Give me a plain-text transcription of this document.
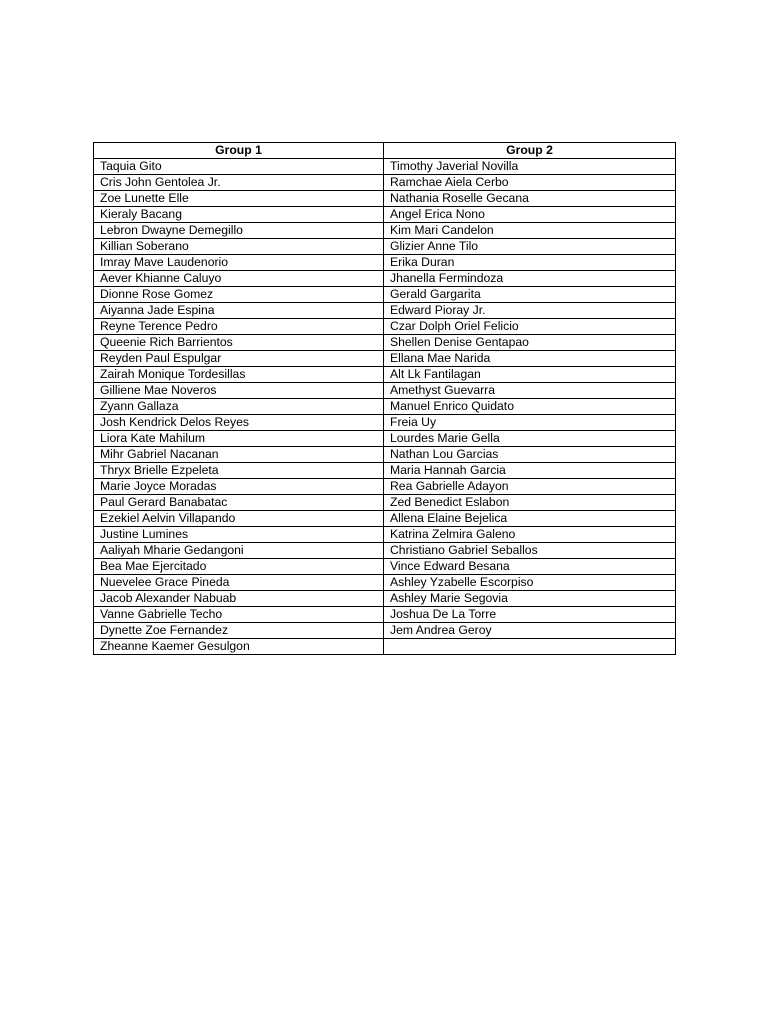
Group 1	Group 2
Taquia Gito	Timothy Javerial Novilla
Cris John Gentolea Jr.	Ramchae Aiela Cerbo
Zoe Lunette Elle	Nathania Roselle Gecana
Kieraly Bacang	Angel Erica Nono
Lebron Dwayne Demegillo	Kim Mari Candelon
Killian Soberano	Glizier Anne Tilo
Imray Mave Laudenorio	Erika Duran
Aever Khianne Caluyo	Jhanella Fermindoza
Dionne Rose Gomez	Gerald Gargarita
Aiyanna Jade Espina	Edward Pioray Jr.
Reyne Terence Pedro	Czar Dolph Oriel Felicio
Queenie Rich Barrientos	Shellen Denise Gentapao
Reyden Paul Espulgar	Ellana Mae Narida
Zairah Monique Tordesillas	Alt Lk Fantilagan
Gilliene Mae Noveros	Amethyst Guevarra
Zyann Gallaza	Manuel Enrico Quidato
Josh Kendrick Delos Reyes	Freia Uy
Liora Kate Mahilum	Lourdes Marie Gella
Mihr Gabriel Nacanan	Nathan Lou Garcias
Thryx Brielle Ezpeleta	Maria Hannah Garcia
Marie Joyce Moradas	Rea Gabrielle Adayon
Paul Gerard Banabatac	Zed Benedict Eslabon
Ezekiel Aelvin Villapando	Allena Elaine Bejelica
Justine Lumines	Katrina Zelmira Galeno
Aaliyah Mharie Gedangoni	Christiano Gabriel Seballos
Bea Mae Ejercitado	Vince Edward Besana
Nuevelee Grace Pineda	Ashley Yzabelle Escorpiso
Jacob Alexander Nabuab	Ashley Marie Segovia
Vanne Gabrielle Techo	Joshua De La Torre
Dynette Zoe Fernandez	Jem Andrea Geroy
Zheanne Kaemer Gesulgon	
